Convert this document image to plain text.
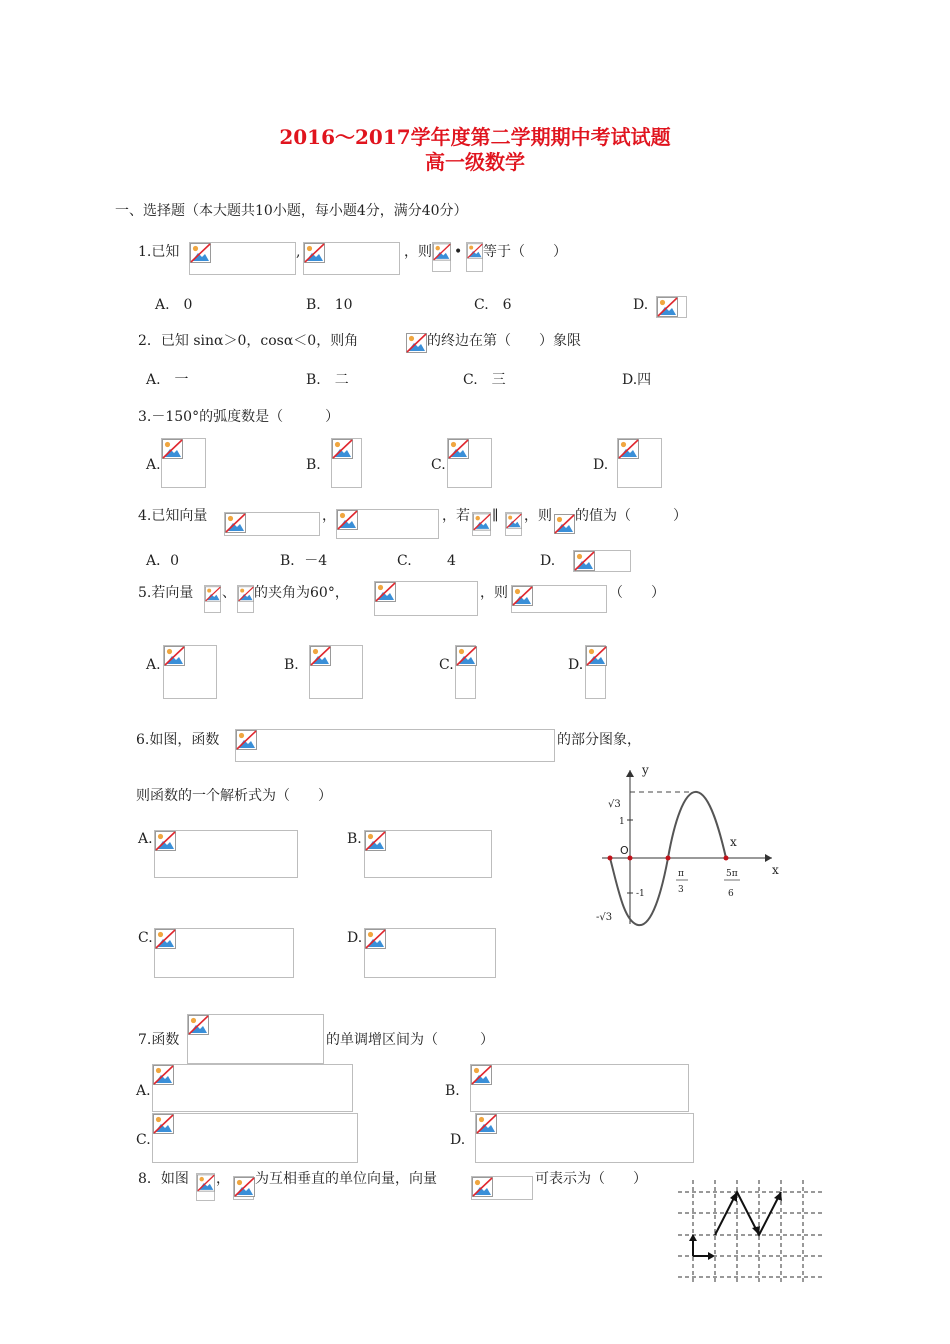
2016～2017学年度第二学期期中考试试题
高一级数学
一、选择题（本大题共10小题，每小题4分，满分40分）
1.已知	,	，则 • 等于（　　）
A.　0	B.　10	C.　6	D.
2．已知 sinα＞0，cosα＜0，则角	的终边在第（　　）象限
A.　一	B.　二	C.　三	D.四
3.－150°的弧度数是（　　　）
A.	B.	C.	D.
4.已知向量	，	，若 ∥ ，则 的值为（　　　）
A．0	B．－4	C.	4	D.
5.若向量 、 的夹角为60°，	，则	（　　）
A.	B.	C.	D.
6.如图，函数	的部分图象，
则函数的一个解析式为（　　）
A.	B.
C.	D.
y
x
x
O
√3
1
-1
-√3
π
3
5π
6
7.函数	的单调增区间为（　　　）
A.	B.
C.	D.
8．如图 ， 为互相垂直的单位向量，向量	可表示为（　　）
